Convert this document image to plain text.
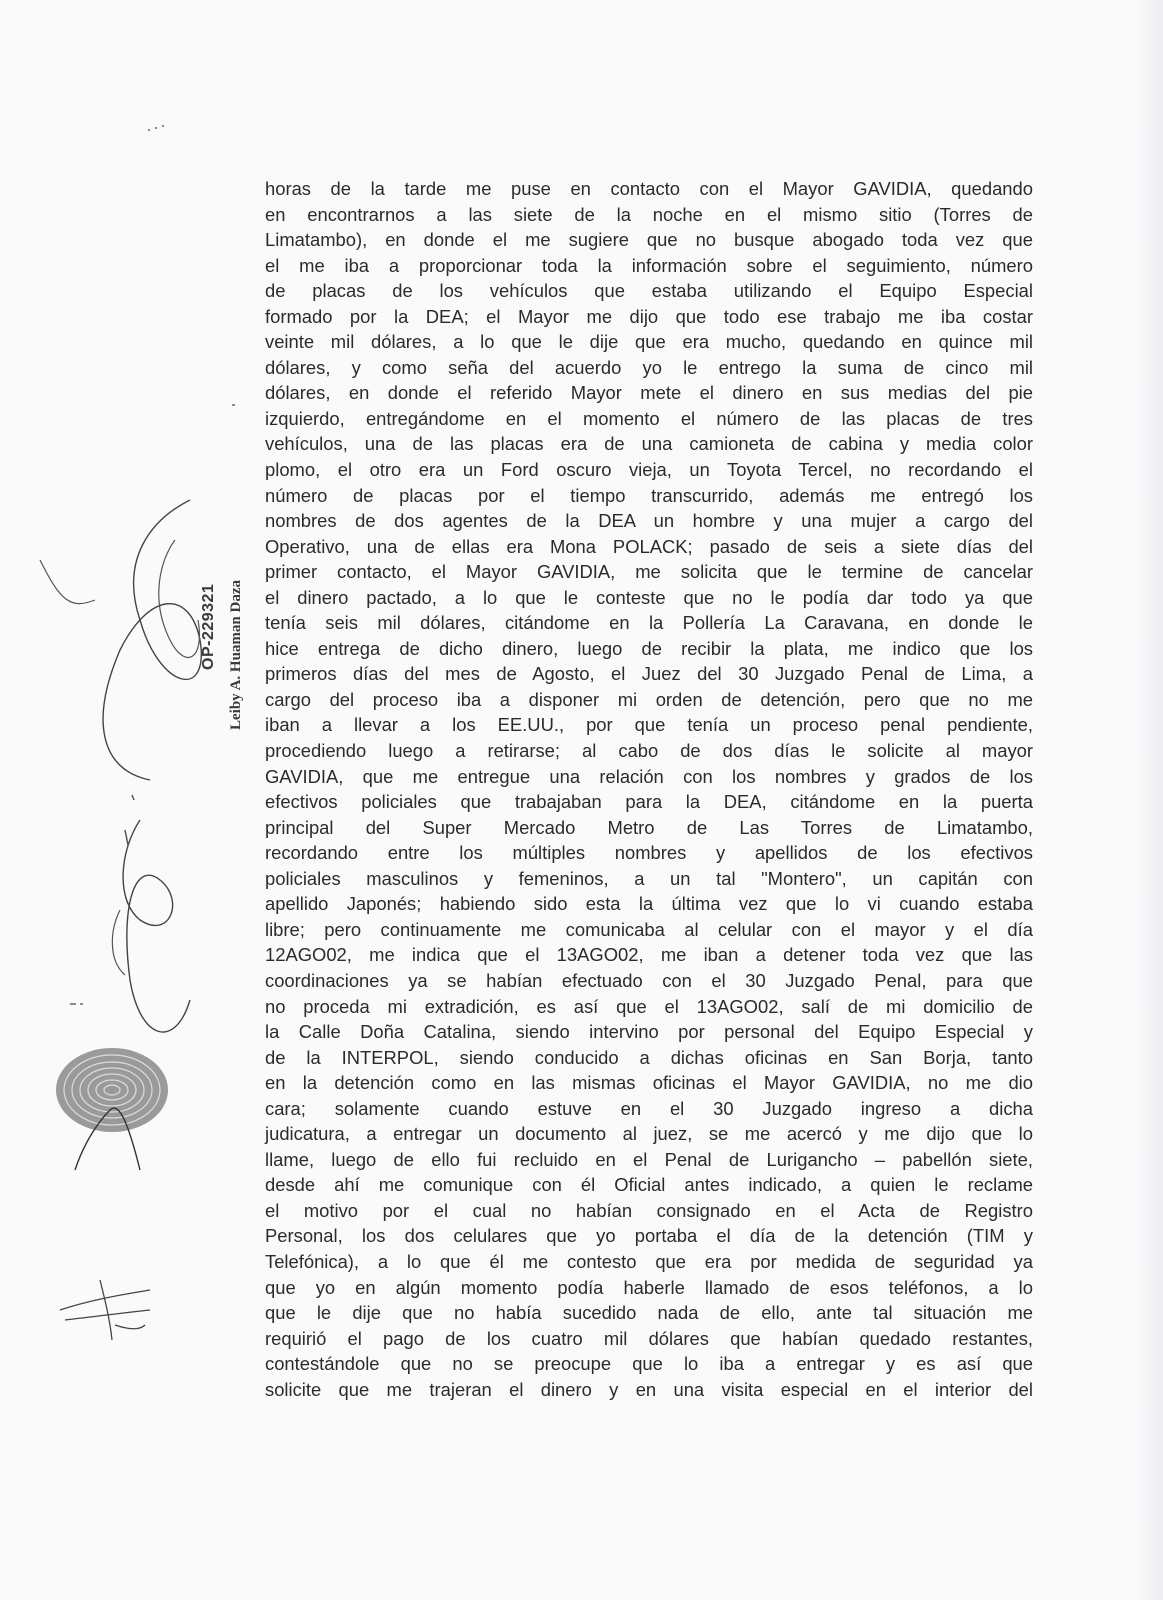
OP-229321 Leiby A. Huaman Daza
horas de la tarde me puse en contacto con el Mayor GAVIDIA, quedando
en encontrarnos a las siete de la noche en el mismo sitio (Torres de
Limatambo), en donde el me sugiere que no busque abogado toda vez que
el me iba a proporcionar toda la información sobre el seguimiento, número
de placas de los vehículos que estaba utilizando el Equipo Especial
formado por la DEA; el Mayor me dijo que todo ese trabajo me iba costar
veinte mil dólares, a lo que le dije que era mucho, quedando en quince mil
dólares, y como seña del acuerdo yo le entrego la suma de cinco mil
dólares, en donde el referido Mayor mete el dinero en sus medias del pie
izquierdo, entregándome en el momento el número de las placas de tres
vehículos, una de las placas era de una camioneta de cabina y media color
plomo, el otro era un Ford oscuro vieja, un Toyota Tercel, no recordando el
número de placas por el tiempo transcurrido, además me entregó los
nombres de dos agentes de la DEA un hombre y una mujer a cargo del
Operativo, una de ellas era Mona POLACK; pasado de seis a siete días del
primer contacto, el Mayor GAVIDIA, me solicita que le termine de cancelar
el dinero pactado, a lo que le conteste que no le podía dar todo ya que
tenía seis mil dólares, citándome en la Pollería La Caravana, en donde le
hice entrega de dicho dinero, luego de recibir la plata, me indico que los
primeros días del mes de Agosto, el Juez del 30 Juzgado Penal de Lima, a
cargo del proceso iba a disponer mi orden de detención, pero que no me
iban a llevar a los EE.UU., por que tenía un proceso penal pendiente,
procediendo luego a retirarse; al cabo de dos días le solicite al mayor
GAVIDIA, que me entregue una relación con los nombres y grados de los
efectivos policiales que trabajaban para la DEA, citándome en la puerta
principal del Super Mercado Metro de Las Torres de Limatambo,
recordando entre los múltiples nombres y apellidos de los efectivos
policiales masculinos y femeninos, a un tal "Montero", un capitán con
apellido Japonés; habiendo sido esta la última vez que lo vi cuando estaba
libre; pero continuamente me comunicaba al celular con el mayor y el día
12AGO02, me indica que el 13AGO02, me iban a detener toda vez que las
coordinaciones ya se habían efectuado con el 30 Juzgado Penal, para que
no proceda mi extradición, es así que el 13AGO02, salí de mi domicilio de
la Calle Doña Catalina, siendo intervino por personal del Equipo Especial y
de la INTERPOL, siendo conducido a dichas oficinas en San Borja, tanto
en la detención como en las mismas oficinas el Mayor GAVIDIA, no me dio
cara; solamente cuando estuve en el 30 Juzgado ingreso a dicha
judicatura, a entregar un documento al juez, se me acercó y me dijo que lo
llame, luego de ello fui recluido en el Penal de Lurigancho – pabellón siete,
desde ahí me comunique con él Oficial antes indicado, a quien le reclame
el motivo por el cual no habían consignado en el Acta de Registro
Personal, los dos celulares que yo portaba el día de la detención (TIM y
Telefónica), a lo que él me contesto que era por medida de seguridad ya
que yo en algún momento podía haberle llamado de esos teléfonos, a lo
que le dije que no había sucedido nada de ello, ante tal situación me
requirió el pago de los cuatro mil dólares que habían quedado restantes,
contestándole que no se preocupe que lo iba a entregar y es así que
solicite que me trajeran el dinero y en una visita especial en el interior del
